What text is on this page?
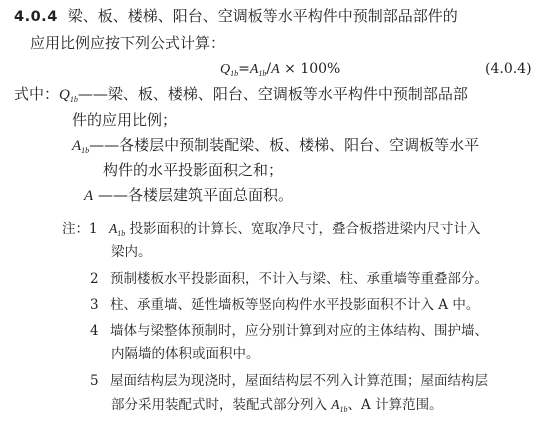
4.0.4 梁、板、楼梯、阳台、空调板等水平构件中预制部品部件的
应用比例应按下列公式计算：
$Q_{1b}=A_{1b}/A \times 100\%$	(4.0.4)
式中：$Q_{1b}——$梁、板、楼梯、阳台、空调板等水平构件中预制部品部
件的应用比例；
$A_{1b}——$各楼层中预制装配梁、板、楼梯、阳台、空调板等水平
构件的水平投影面积之和；
A ——各楼层建筑平面总面积。
注：1 $A_{1b}$ 投影面积的计算长、宽取净尺寸，叠合板搭进梁内尺寸计入
梁内。
2 预制楼板水平投影面积，不计入与梁、柱、承重墙等重叠部分。
3 柱、承重墙、延性墙板等竖向构件水平投影面积不计入 A 中。
4 墙体与梁整体预制时，应分别计算到对应的主体结构、围护墙、
内隔墙的体积或面积中。
5 屋面结构层为现浇时，屋面结构层不列入计算范围；屋面结构层
部分采用装配式时，装配式部分列入 $A_{1b}$、A 计算范围。
